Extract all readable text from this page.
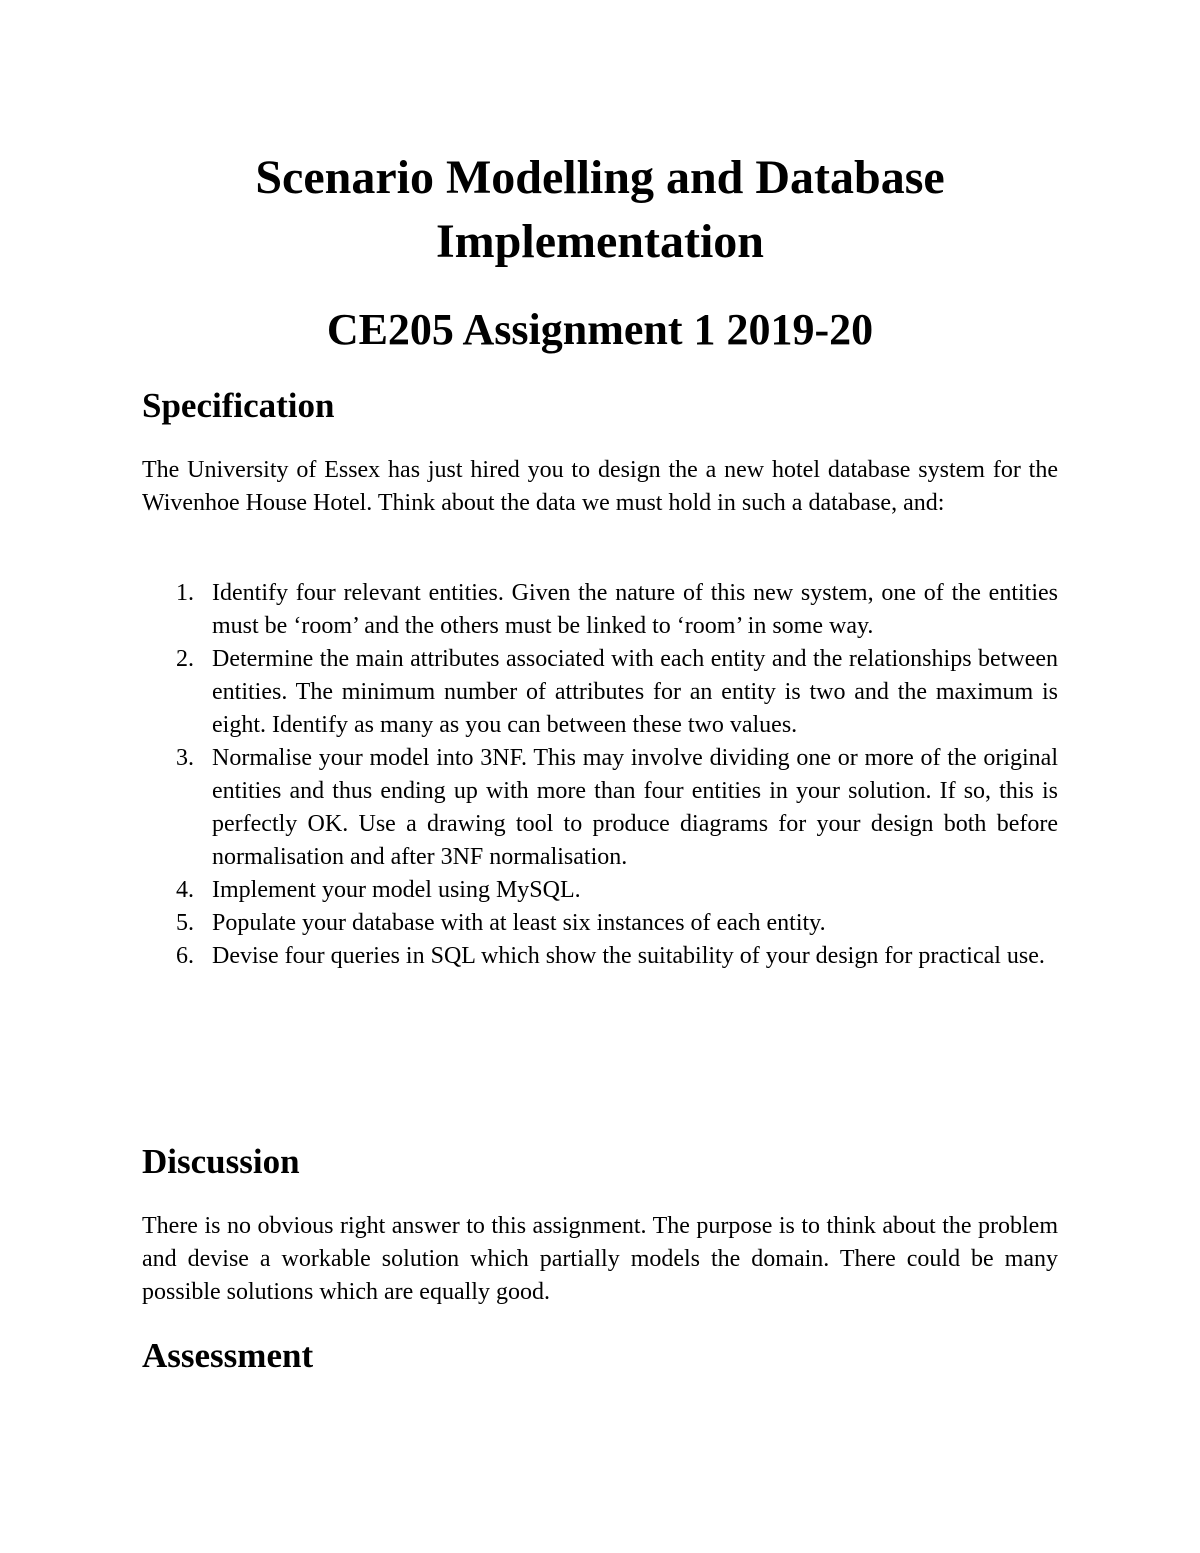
Scenario Modelling and Database
Implementation
CE205 Assignment 1 2019-20
Specification

The University of Essex has just hired you to design the a new hotel database system for the Wivenhoe House Hotel. Think about the data we must hold in such a database, and:

1. Identify four relevant entities. Given the nature of this new system, one of the entities must be ‘room’ and the others must be linked to ‘room’ in some way.
2. Determine the main attributes associated with each entity and the relationships between entities. The minimum number of attributes for an entity is two and the maximum is eight. Identify as many as you can between these two values.
3. Normalise your model into 3NF. This may involve dividing one or more of the original entities and thus ending up with more than four entities in your solution. If so, this is perfectly OK. Use a drawing tool to produce diagrams for your design both before normalisation and after 3NF normalisation.
4. Implement your model using MySQL.
5. Populate your database with at least six instances of each entity.
6. Devise four queries in SQL which show the suitability of your design for practical use.
Discussion

There is no obvious right answer to this assignment. The purpose is to think about the problem and devise a workable solution which partially models the domain. There could be many possible solutions which are equally good.

Assessment
